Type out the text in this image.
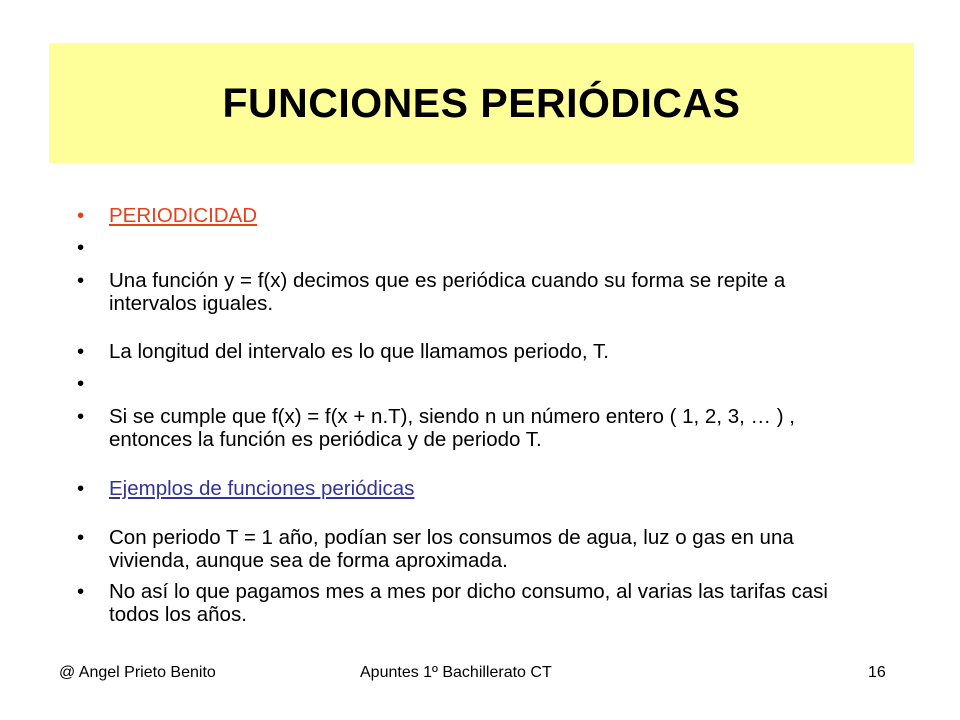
FUNCIONES PERIÓDICAS
• PERIODICIDAD
•

• Una función y = f(x) decimos que es periódica cuando su forma se repite a intervalos iguales.
• La longitud del intervalo es lo que llamamos periodo, T.
•

• Si se cumple que f(x) = f(x + n.T), siendo n un número entero ( 1, 2, 3, … ) , entonces la función es periódica y de periodo T.
• Ejemplos de funciones periódicas
• Con periodo T = 1 año, podían ser los consumos de agua, luz o gas en una vivienda, aunque sea de forma aproximada.
• No así lo que pagamos mes a mes por dicho consumo, al varias las tarifas casi todos los años.
@ Angel Prieto Benito	Apuntes 1º Bachillerato CT	16
